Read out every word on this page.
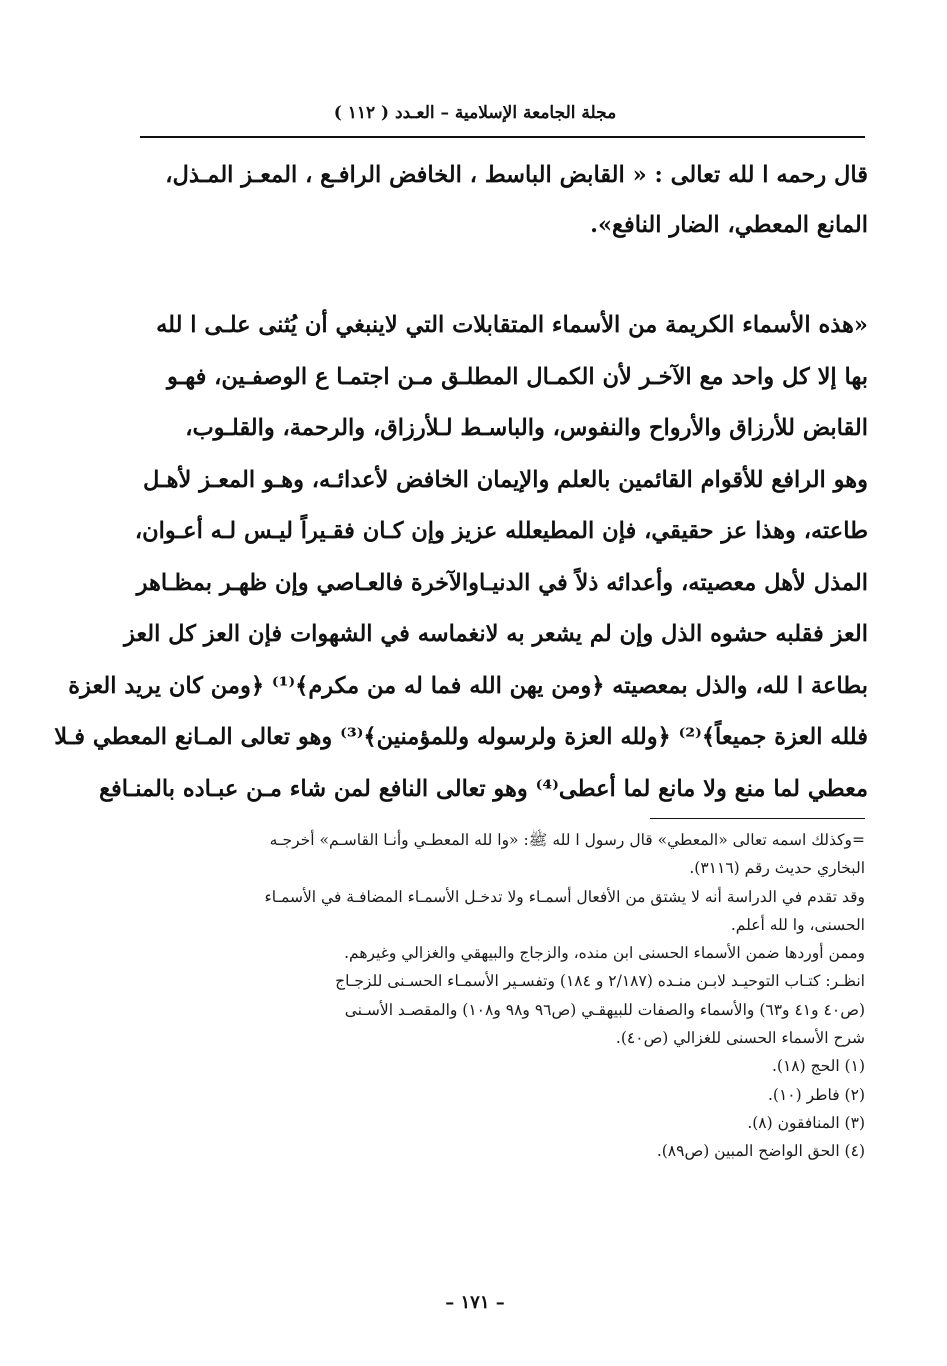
مجلة الجامعة الإسلامية – العـدد ( ١١٢ )
قال رحمه ا لله تعالى : « القابض الباسط ، الخافض الرافـع ، المعـز المـذل،
المانع المعطي، الضار النافع».
«هذه الأسماء الكريمة من الأسماء المتقابلات التي لاينبغي أن يُثنى علـى ا لله
بها إلا كل واحد مع الآخـر لأن الكمـال المطلـق مـن اجتمـا ع الوصفـين، فهـو
القابض للأرزاق والأرواح والنفوس، والباسـط لـلأرزاق، والرحمة، والقلـوب،
وهو الرافع للأقوام القائمين بالعلم والإيمان الخافض لأعدائـه، وهـو المعـز لأهـل
طاعته، وهذا عز حقيقي، فإن المطيعلله عزيز وإن كـان فقـيراً ليـس لـه أعـوان،
المذل لأهل معصيته، وأعدائه ذلاً في الدنيـاوالآخرة فالعـاصي وإن ظهـر بمظـاهر
العز فقلبه حشوه الذل وإن لم يشعر به لانغماسه في الشهوات فإن العز كل العز
بطاعة ا لله، والذل بمعصيته ﴿ومن يهن الله فما له من مكرم﴾⁽¹⁾ ﴿ومن كان يريد العزة
فلله العزة جميعاً﴾⁽²⁾ ﴿ولله العزة ولرسوله وللمؤمنين﴾⁽³⁾ وهو تعالى المـانع المعطي فـلا
معطي لما منع ولا مانع لما أعطى⁽⁴⁾ وهو تعالى النافع لمن شاء مـن عبـاده بالمنـافع
=وكذلك اسمه تعالى «المعطي» قال رسول ا لله ﷺ: «وا لله المعطـي وأنـا القاسـم» أخرجـه
البخاري حديث رقم (٣١١٦).
وقد تقدم في الدراسة أنه لا يشتق من الأفعال أسمـاء ولا تدخـل الأسمـاء المضافـة في الأسمـاء
الحسنى، وا لله أعلم.
وممن أوردها ضمن الأسماء الحسنى ابن منده، والزجاج والبيهقي والغزالي وغيرهم.
انظـر: كتـاب التوحيـد لابـن منـده (٢/١٨٧ و ١٨٤) وتفسـير الأسمـاء الحسـنى للزجـاج
(ص٤٠ و٤١ و٦٣) والأسماء والصفات للبيهقـي (ص٩٦ و٩٨ و١٠٨) والمقصـد الأسـنى
شرح الأسماء الحسنى للغزالي (ص٤٠).
(١) الحج (١٨).
(٢) فاطر (١٠).
(٣) المنافقون (٨).
(٤) الحق الواضح المبين (ص٨٩).
– ١٧١ –
